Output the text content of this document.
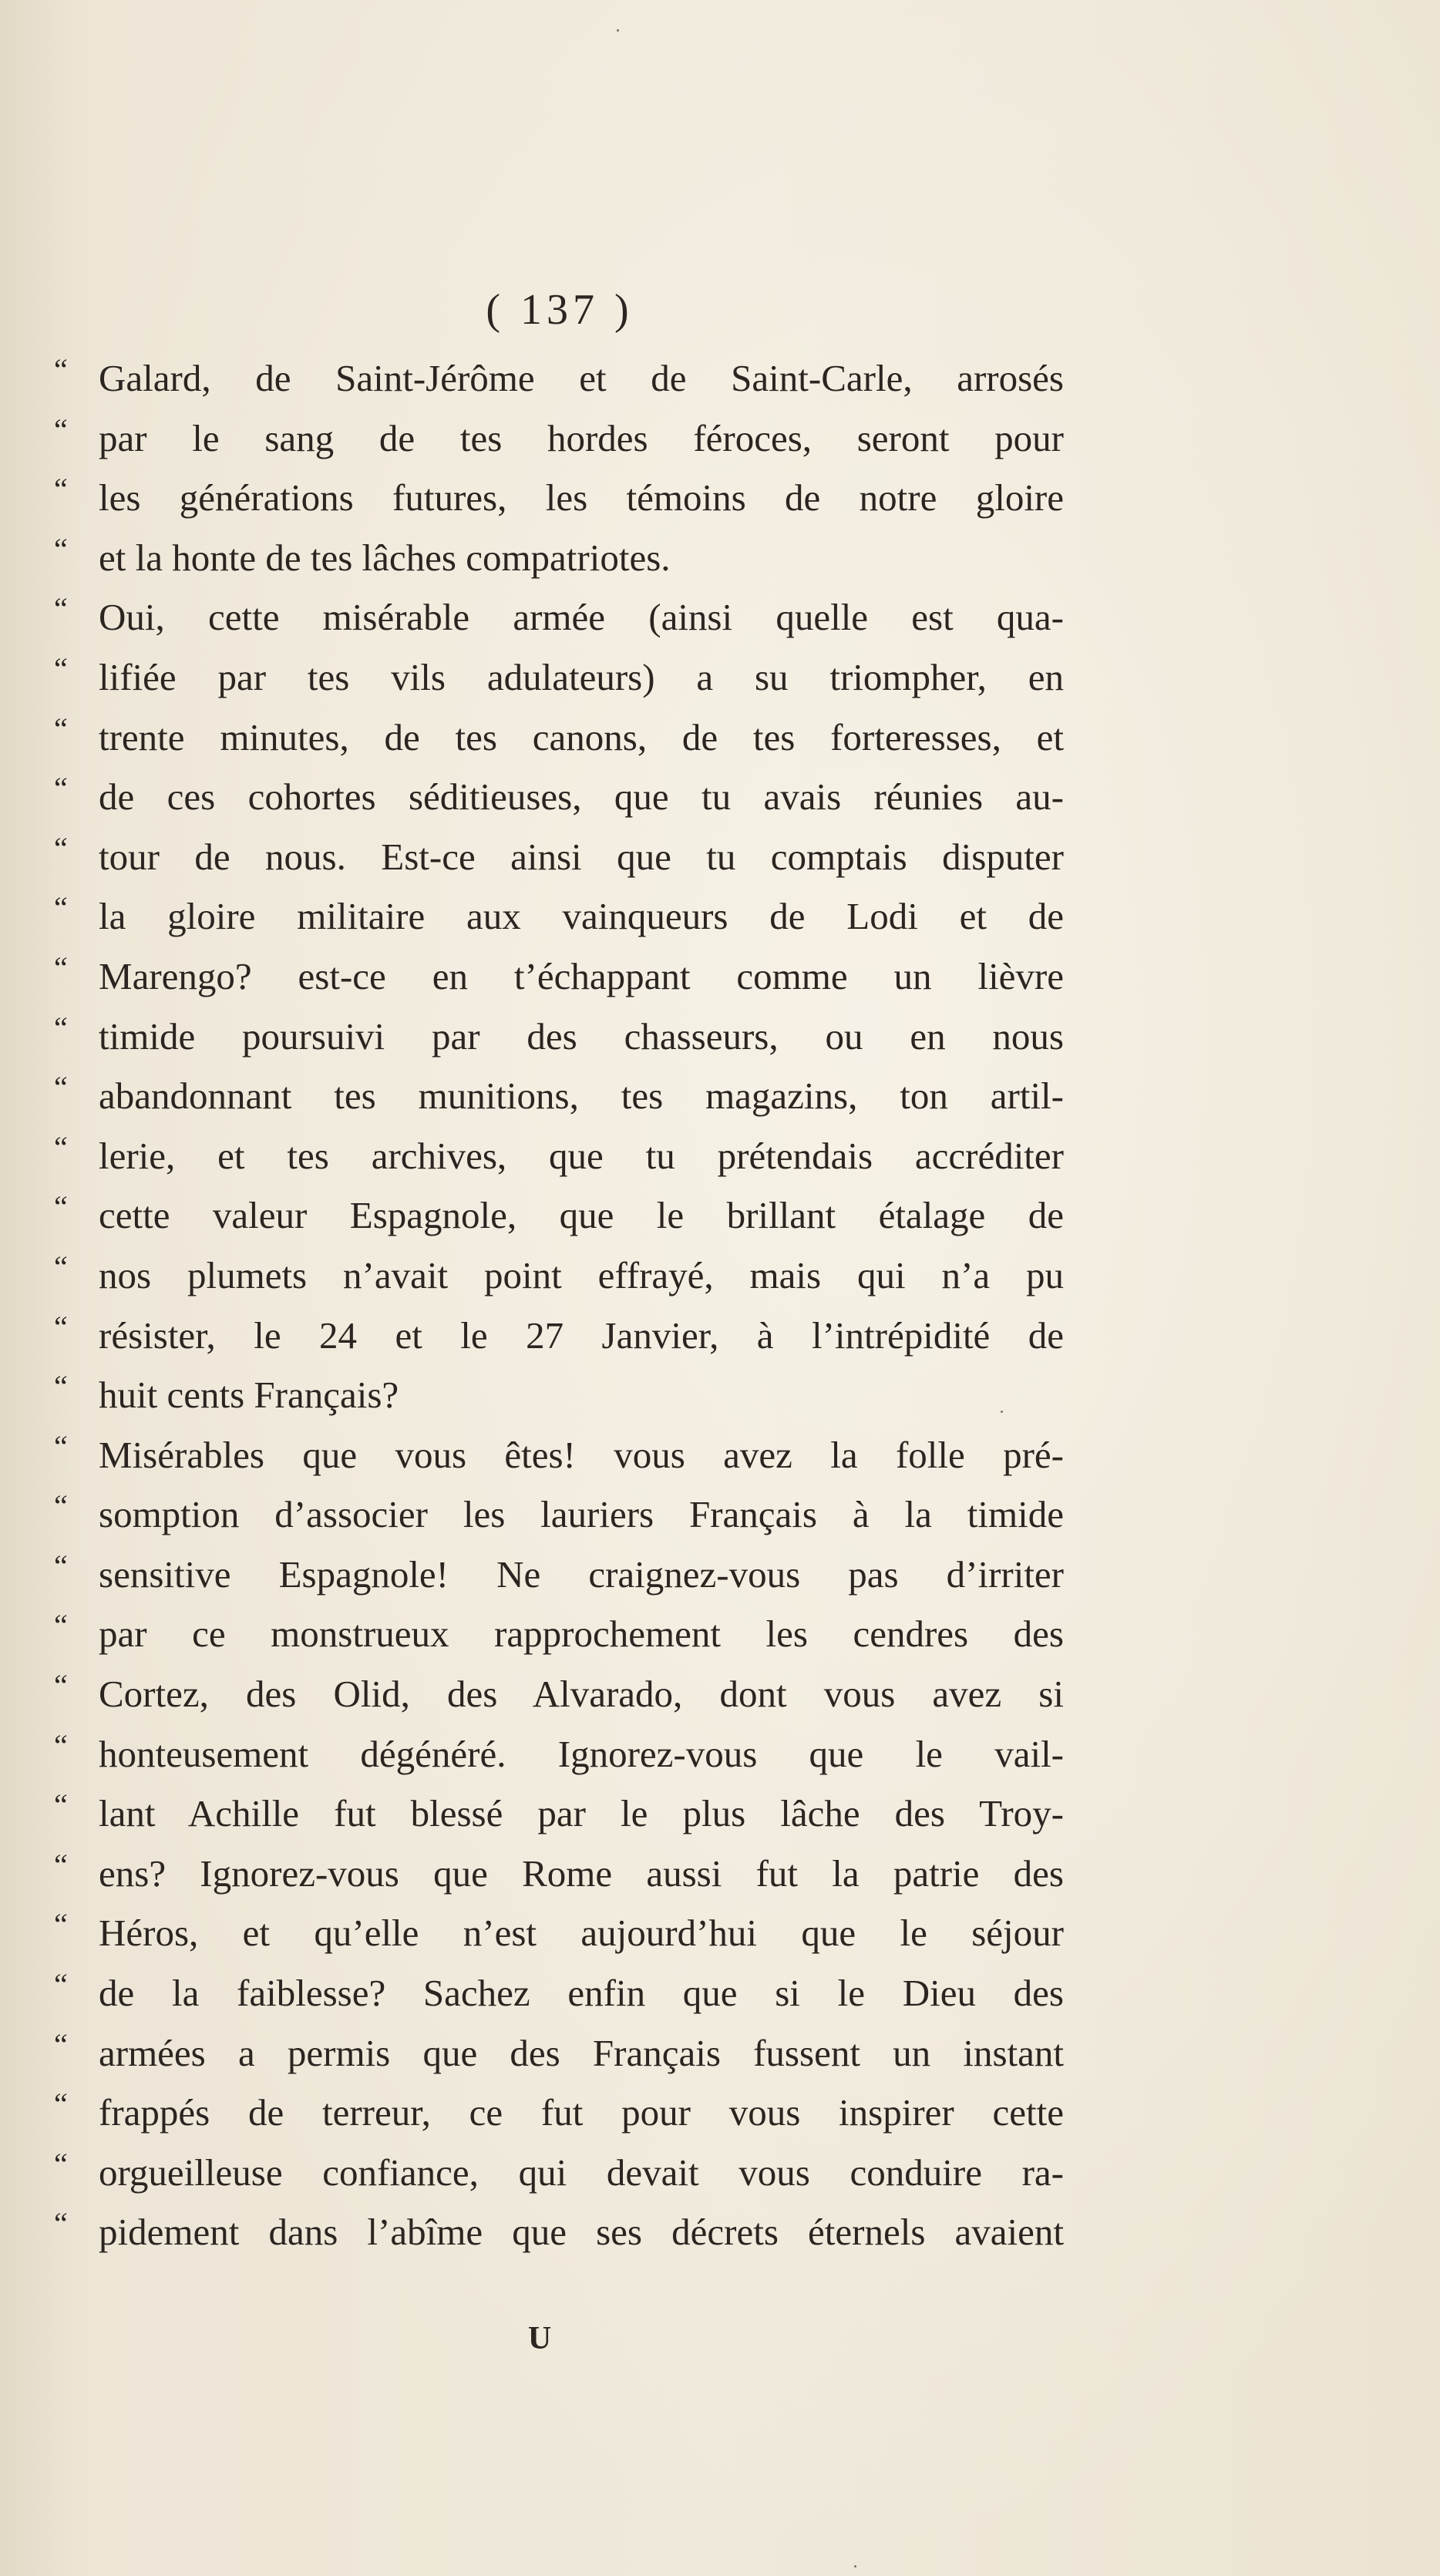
( 137 )
“ Galard, de Saint-Jérôme et de Saint-Carle, arrosés
“ par le sang de tes hordes féroces, seront pour
“ les générations futures, les témoins de notre gloire
“ et la honte de tes lâches compatriotes.
“ Oui, cette misérable armée (ainsi quelle est qua-
“ lifiée par tes vils adulateurs) a su triompher, en
“ trente minutes, de tes canons, de tes forteresses, et
“ de ces cohortes séditieuses, que tu avais réunies au-
“ tour de nous. Est-ce ainsi que tu comptais disputer
“ la gloire militaire aux vainqueurs de Lodi et de
“ Marengo? est-ce en t’échappant comme un lièvre
“ timide poursuivi par des chasseurs, ou en nous
“ abandonnant tes munitions, tes magazins, ton artil-
“ lerie, et tes archives, que tu prétendais accréditer
“ cette valeur Espagnole, que le brillant étalage de
“ nos plumets n’avait point effrayé, mais qui n’a pu
“ résister, le 24 et le 27 Janvier, à l’intrépidité de
“ huit cents Français?
“ Misérables que vous êtes! vous avez la folle pré-
“ somption d’associer les lauriers Français à la timide
“ sensitive Espagnole! Ne craignez-vous pas d’irriter
“ par ce monstrueux rapprochement les cendres des
“ Cortez, des Olid, des Alvarado, dont vous avez si
“ honteusement dégénéré. Ignorez-vous que le vail-
“ lant Achille fut blessé par le plus lâche des Troy-
“ ens? Ignorez-vous que Rome aussi fut la patrie des
“ Héros, et qu’elle n’est aujourd’hui que le séjour
“ de la faiblesse? Sachez enfin que si le Dieu des
“ armées a permis que des Français fussent un instant
“ frappés de terreur, ce fut pour vous inspirer cette
“ orgueilleuse confiance, qui devait vous conduire ra-
“ pidement dans l’abîme que ses décrets éternels avaient
U
